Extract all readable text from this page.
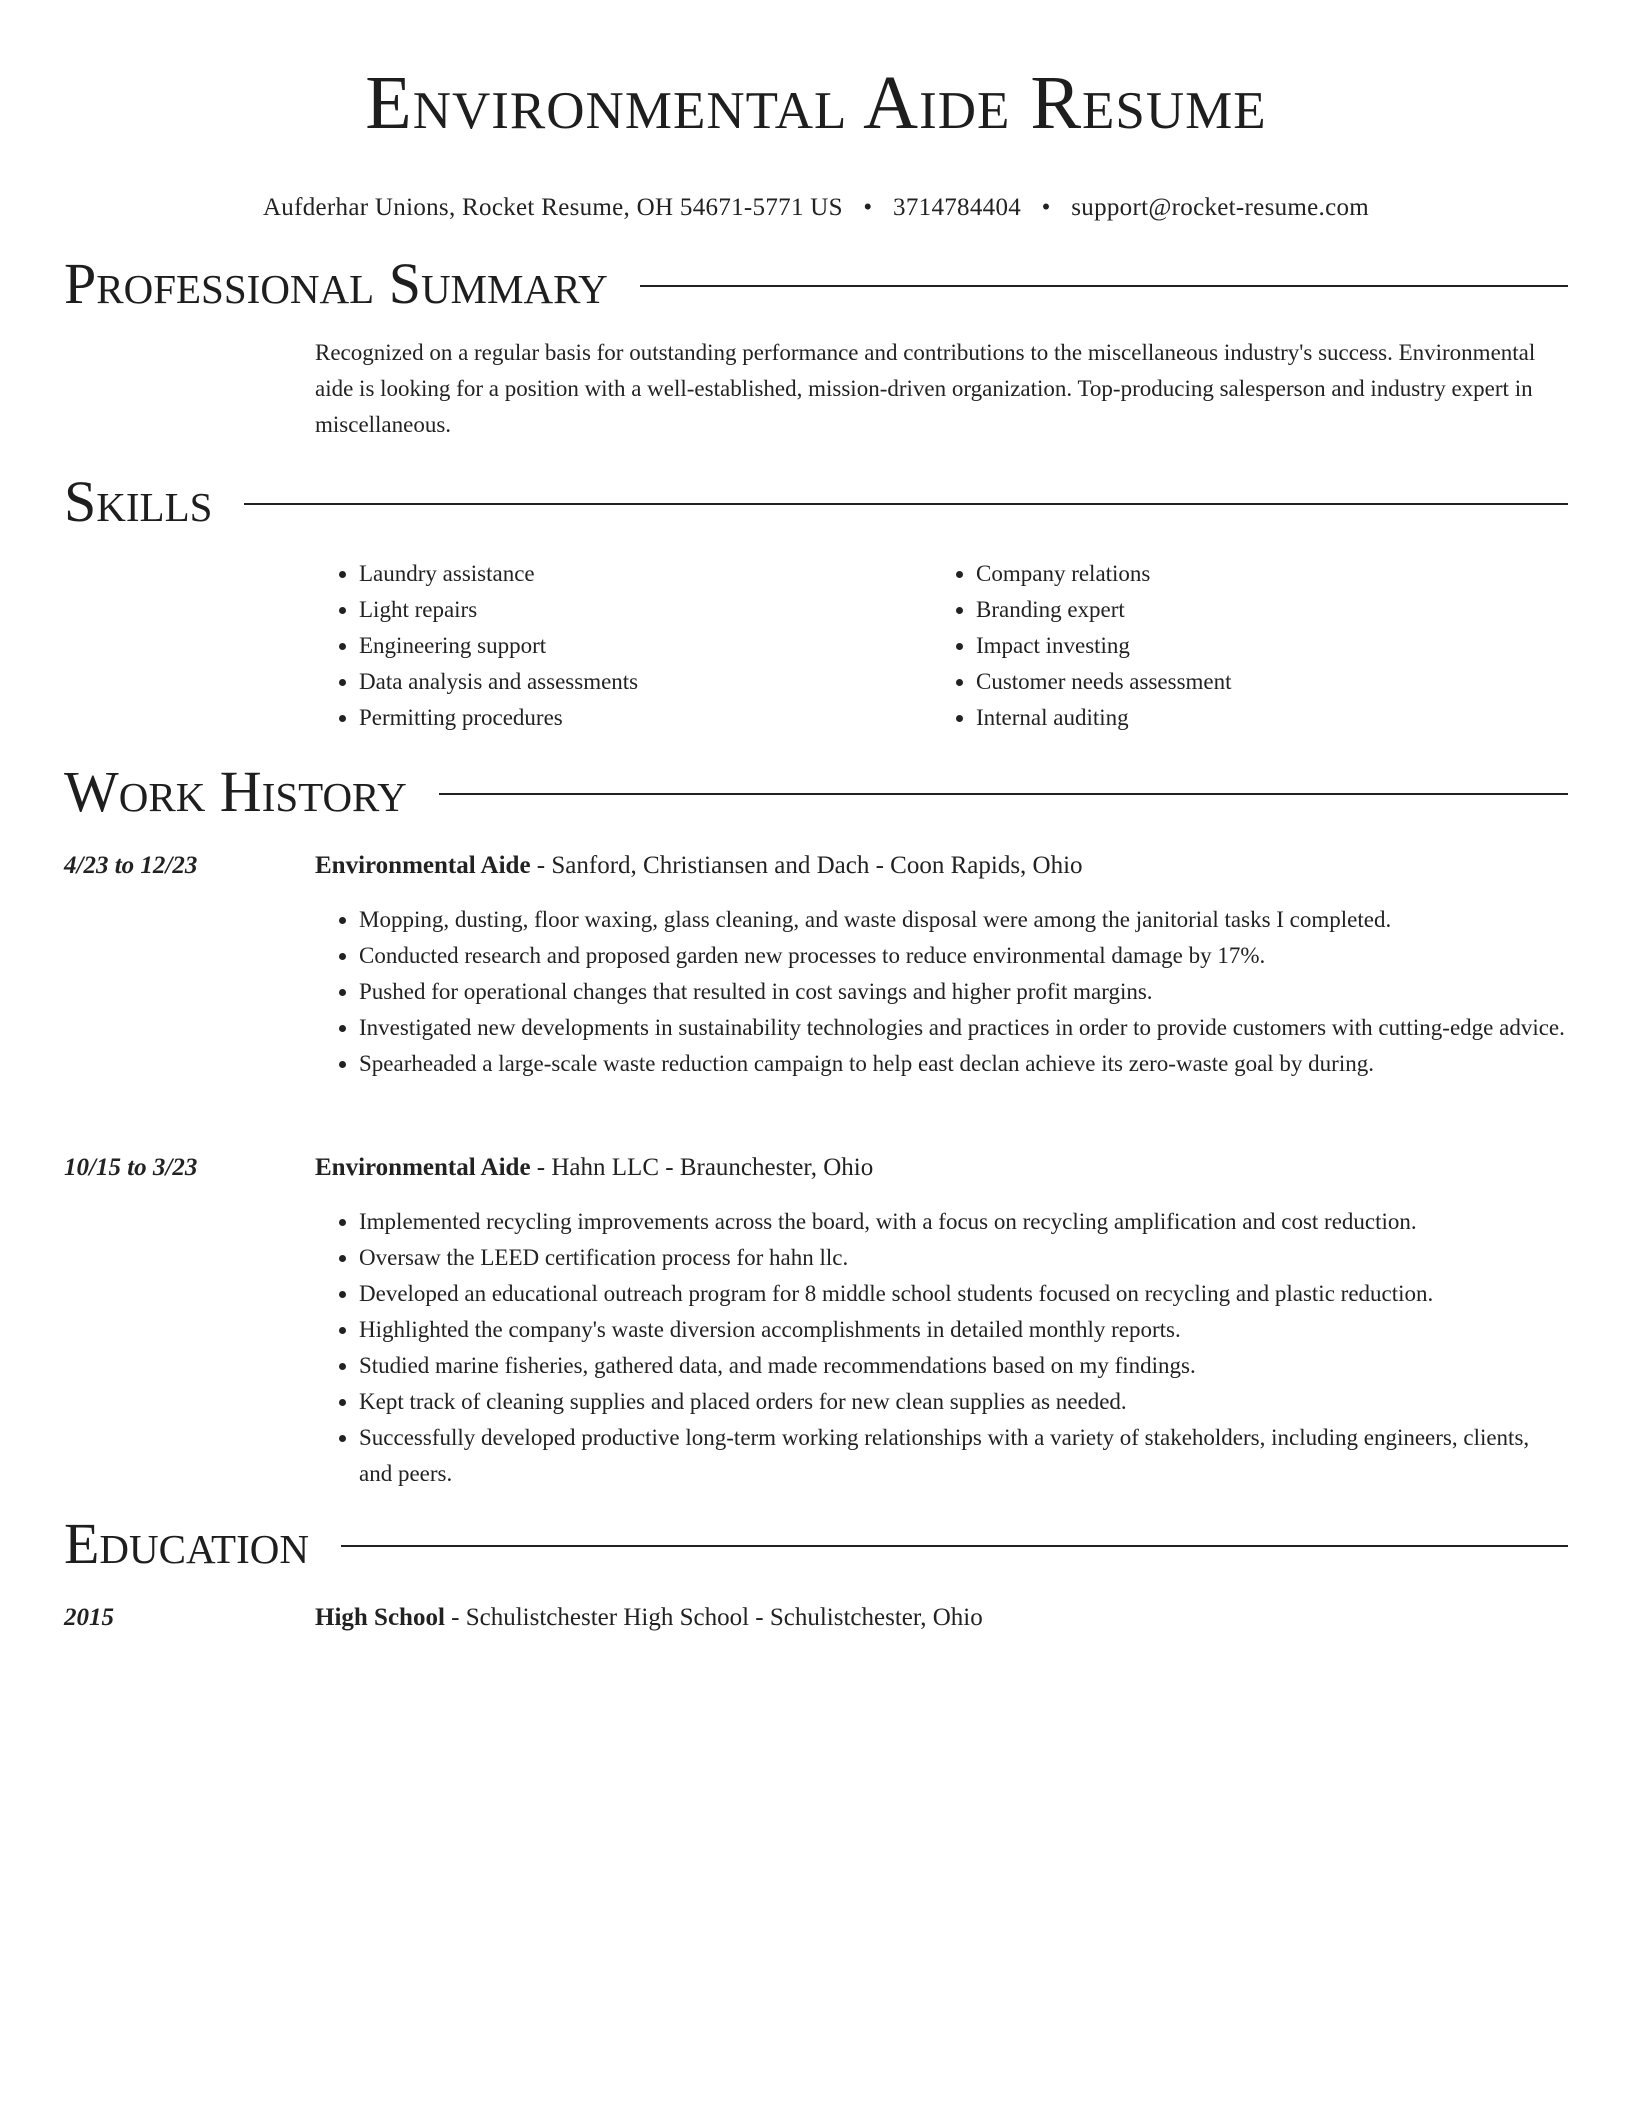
Environmental Aide Resume
Aufderhar Unions, Rocket Resume, OH 54671-5771 US • 3714784404 • support@rocket-resume.com
Professional Summary
Recognized on a regular basis for outstanding performance and contributions to the miscellaneous industry's success. Environmental aide is looking for a position with a well-established, mission-driven organization. Top-producing salesperson and industry expert in miscellaneous.
Skills
• Laundry assistance
• Light repairs
• Engineering support
• Data analysis and assessments
• Permitting procedures
• Company relations
• Branding expert
• Impact investing
• Customer needs assessment
• Internal auditing
Work History
4/23 to 12/23	Environmental Aide - Sanford, Christiansen and Dach - Coon Rapids, Ohio
• Mopping, dusting, floor waxing, glass cleaning, and waste disposal were among the janitorial tasks I completed.
• Conducted research and proposed garden new processes to reduce environmental damage by 17%.
• Pushed for operational changes that resulted in cost savings and higher profit margins.
• Investigated new developments in sustainability technologies and practices in order to provide customers with cutting-edge advice.
• Spearheaded a large-scale waste reduction campaign to help east declan achieve its zero-waste goal by during.
10/15 to 3/23	Environmental Aide - Hahn LLC - Braunchester, Ohio
• Implemented recycling improvements across the board, with a focus on recycling amplification and cost reduction.
• Oversaw the LEED certification process for hahn llc.
• Developed an educational outreach program for 8 middle school students focused on recycling and plastic reduction.
• Highlighted the company's waste diversion accomplishments in detailed monthly reports.
• Studied marine fisheries, gathered data, and made recommendations based on my findings.
• Kept track of cleaning supplies and placed orders for new clean supplies as needed.
• Successfully developed productive long-term working relationships with a variety of stakeholders, including engineers, clients, and peers.
Education
2015	High School - Schulistchester High School - Schulistchester, Ohio
